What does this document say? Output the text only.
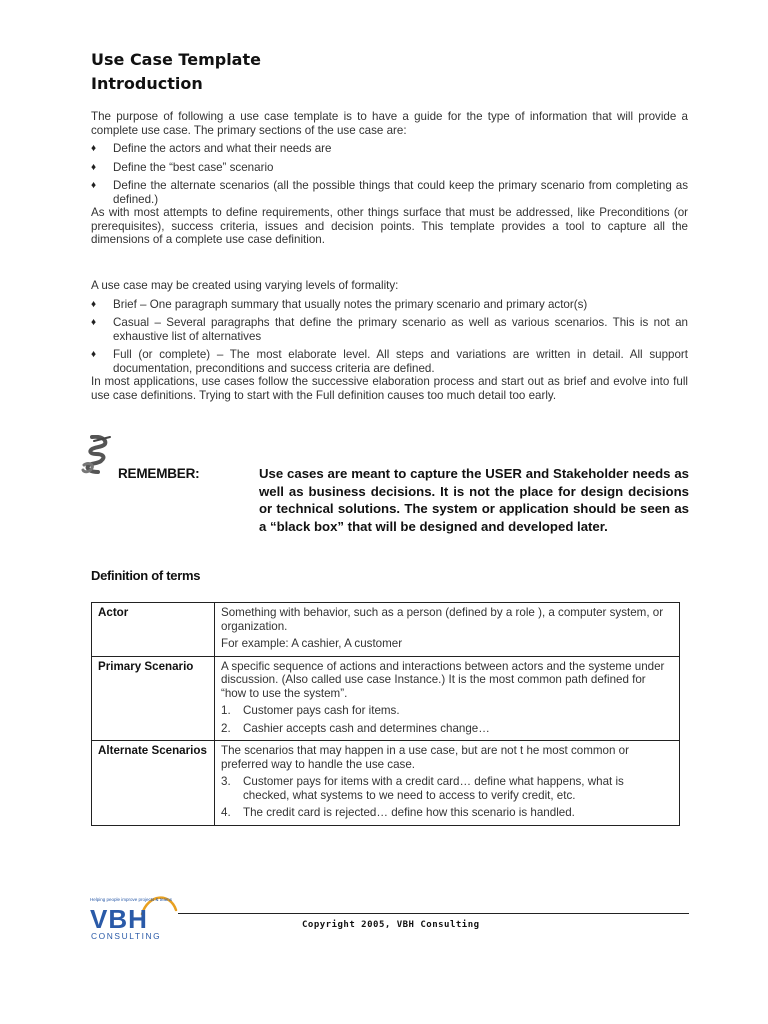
Use Case Template
Introduction

The purpose of following a use case template is to have a guide for the type of information that will provide a complete use case. The primary sections of the use case are:

♦ Define the actors and what their needs are
♦ Define the “best case” scenario
♦ Define the alternate scenarios (all the possible things that could keep the primary scenario from completing as defined.)

As with most attempts to define requirements, other things surface that must be addressed, like Preconditions (or prerequisites), success criteria, issues and decision points. This template provides a tool to capture all the dimensions of a complete use case definition.

A use case may be created using varying levels of formality:

♦ Brief – One paragraph summary that usually notes the primary scenario and primary actor(s)
♦ Casual – Several paragraphs that define the primary scenario as well as various scenarios. This is not an exhaustive list of alternatives
♦ Full (or complete) – The most elaborate level. All steps and variations are written in detail. All support documentation, preconditions and success criteria are defined.

In most applications, use cases follow the successive elaboration process and start out as brief and evolve into full use case definitions. Trying to start with the Full definition causes too much detail too early.

REMEMBER:	Use cases are meant to capture the USER and Stakeholder needs as well as business decisions. It is not the place for design decisions or technical solutions. The system or application should be seen as a “black box” that will be designed and developed later.

Definition of terms
Actor	Something with behavior, such as a person (defined by a role ), a computer system, or organization.

For example: A cashier, A customer

Primary Scenario	A specific sequence of actions and interactions between actors and the systeme under discussion. (Also called use case Instance.) It is the most common path defined for “how to use the system”.

1. Customer pays cash for items.

2. Cashier accepts cash and determines change…

Alternate Scenarios	The scenarios that may happen in a use case, but are not t he most common or preferred way to handle the use case.

3. Customer pays for items with a credit card… define what happens, what is checked, what systems to we need to access to verify credit, etc.

4. The credit card is rejected… define how this scenario is handled.

Helping people improve projects & teams
VBH
CONSULTING
Copyright 2005, VBH Consulting
